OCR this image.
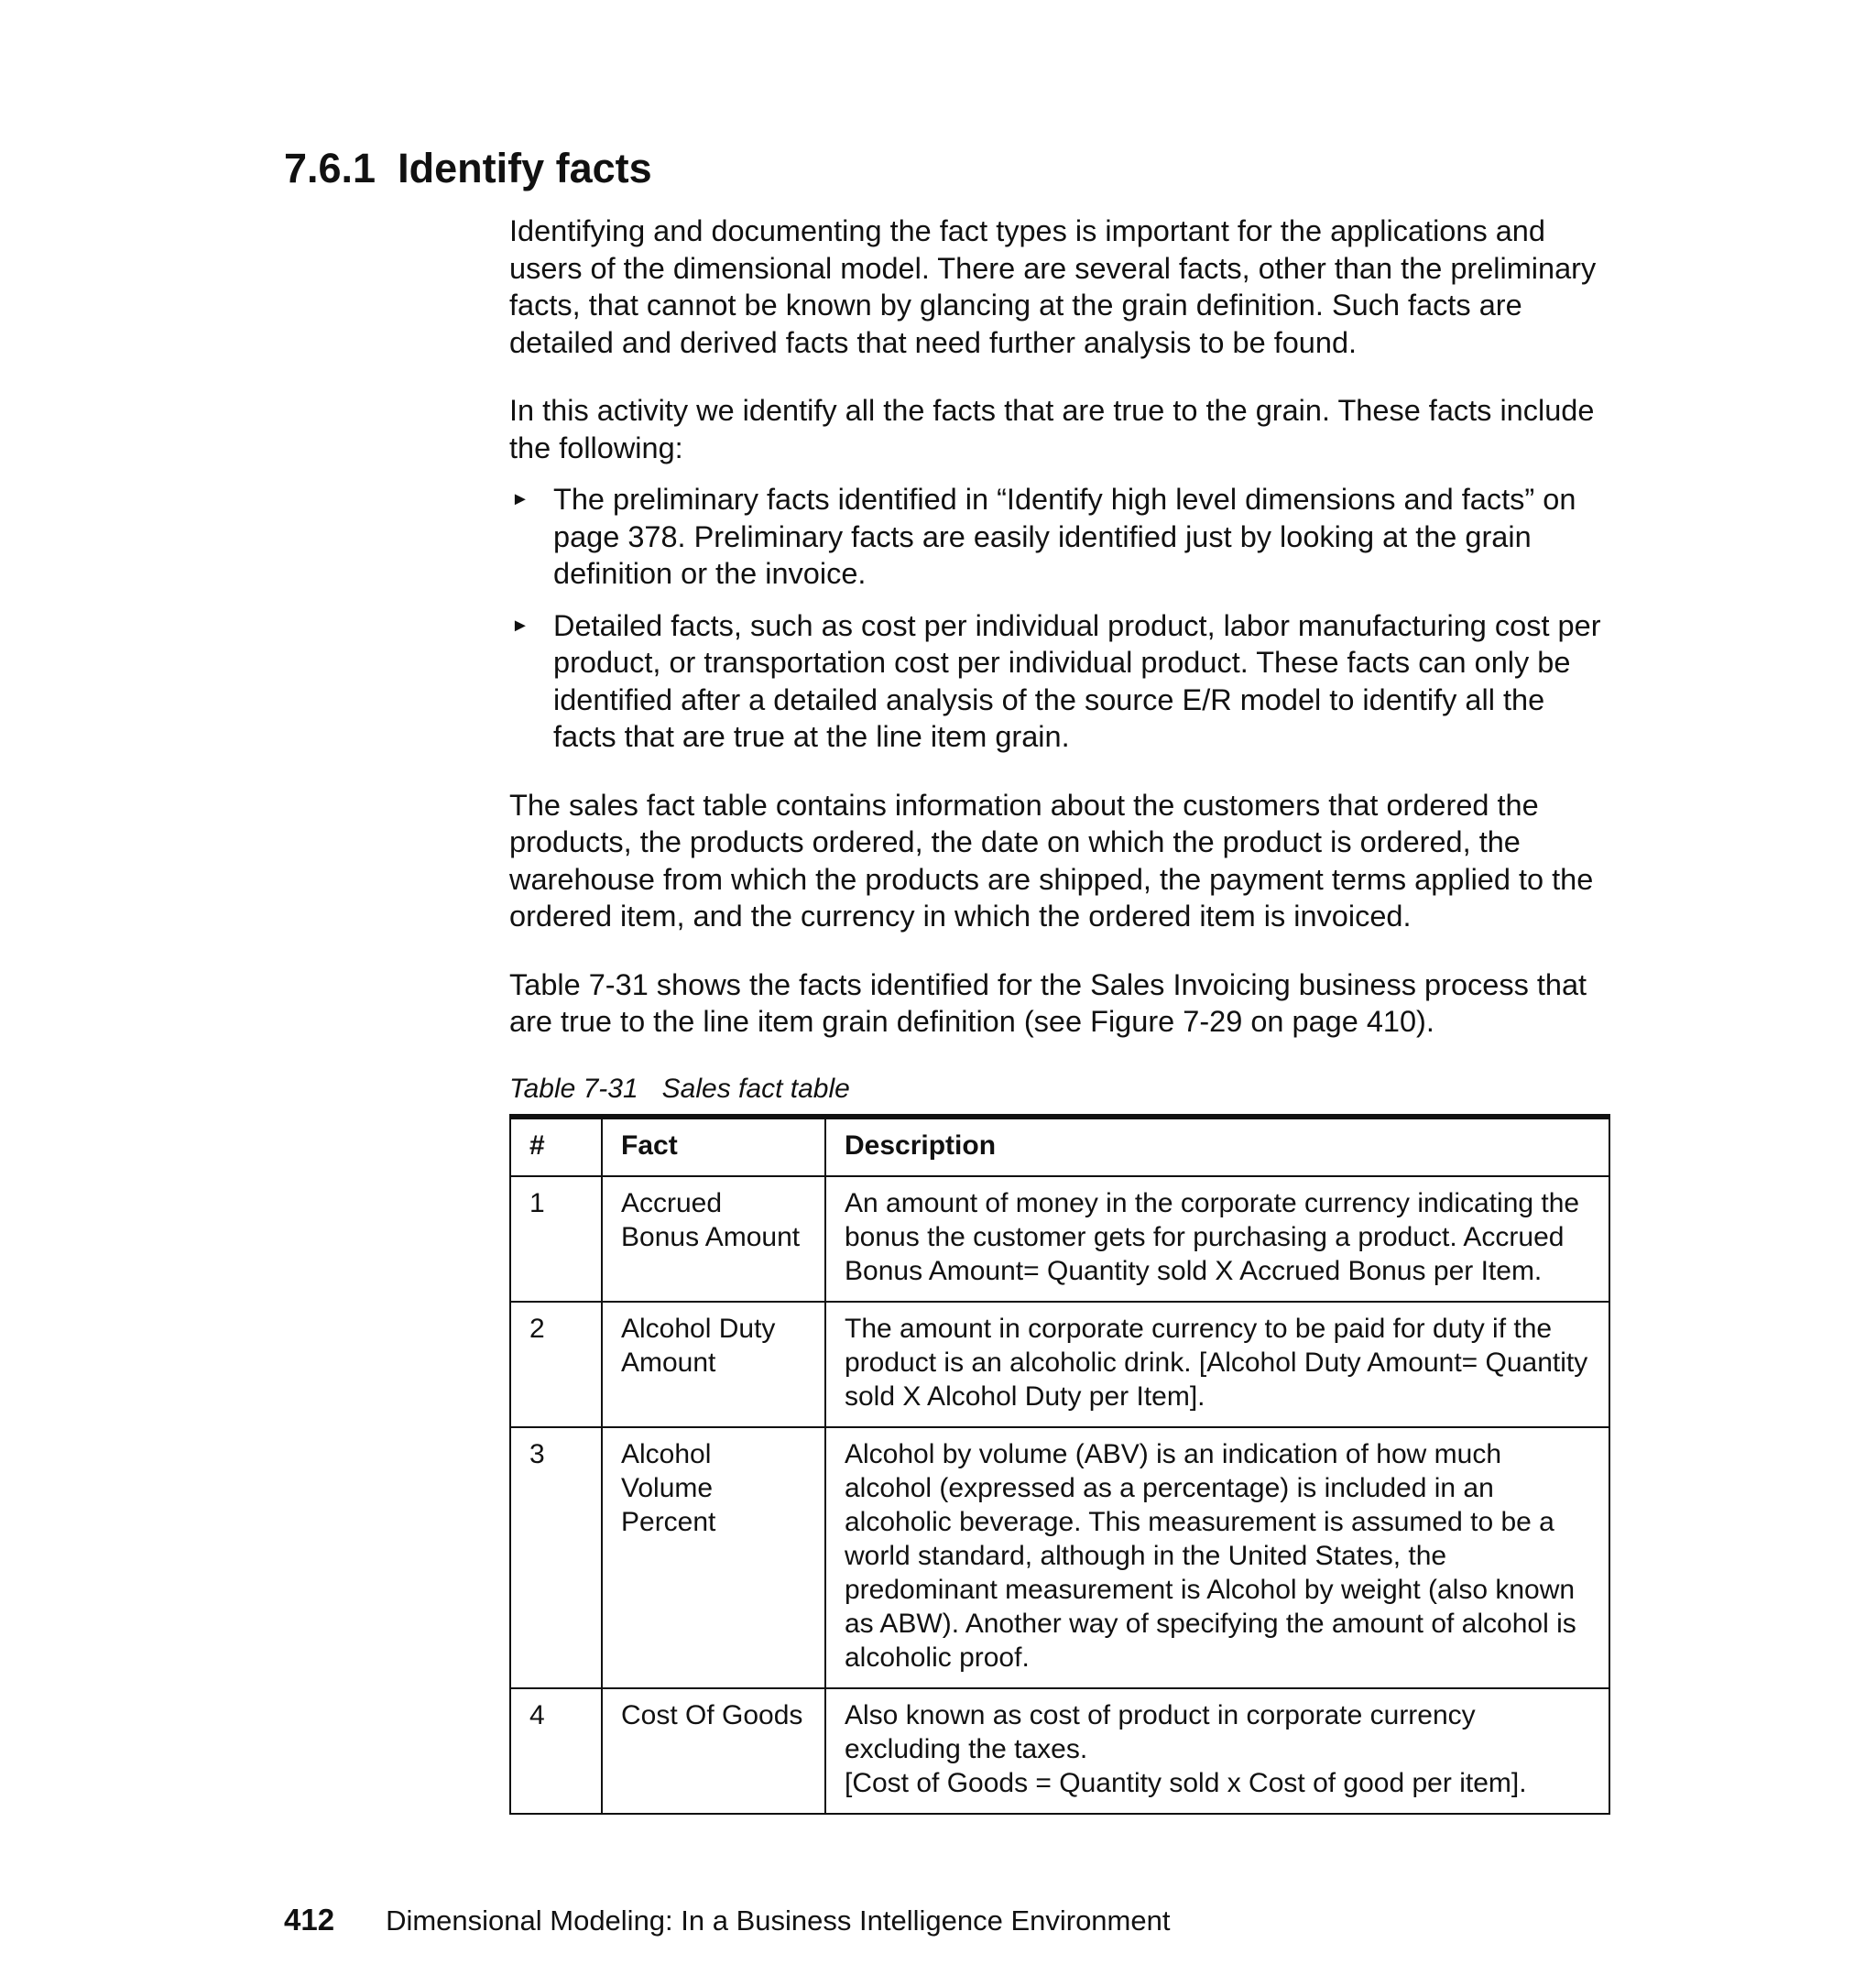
7.6.1 Identify facts

Identifying and documenting the fact types is important for the applications and users of the dimensional model. There are several facts, other than the preliminary facts, that cannot be known by glancing at the grain definition. Such facts are detailed and derived facts that need further analysis to be found.

In this activity we identify all the facts that are true to the grain. These facts include the following:

► The preliminary facts identified in “Identify high level dimensions and facts” on page 378. Preliminary facts are easily identified just by looking at the grain definition or the invoice.
► Detailed facts, such as cost per individual product, labor manufacturing cost per product, or transportation cost per individual product. These facts can only be identified after a detailed analysis of the source E/R model to identify all the facts that are true at the line item grain.

The sales fact table contains information about the customers that ordered the products, the products ordered, the date on which the product is ordered, the warehouse from which the products are shipped, the payment terms applied to the ordered item, and the currency in which the ordered item is invoiced.

Table 7-31 shows the facts identified for the Sales Invoicing business process that are true to the line item grain definition (see Figure 7-29 on page 410).

Table 7-31 Sales fact table
#	Fact	Description
1	Accrued Bonus Amount	An amount of money in the corporate currency indicating the bonus the customer gets for purchasing a product. Accrued Bonus Amount= Quantity sold X Accrued Bonus per Item.
2	Alcohol Duty Amount	The amount in corporate currency to be paid for duty if the product is an alcoholic drink. [Alcohol Duty Amount= Quantity sold X Alcohol Duty per Item].
3	Alcohol Volume Percent	Alcohol by volume (ABV) is an indication of how much alcohol (expressed as a percentage) is included in an alcoholic beverage. This measurement is assumed to be a world standard, although in the United States, the predominant measurement is Alcohol by weight (also known as ABW). Another way of specifying the amount of alcohol is alcoholic proof.
4	Cost Of Goods	Also known as cost of product in corporate currency excluding the taxes.
[Cost of Goods = Quantity sold x Cost of good per item].
412 Dimensional Modeling: In a Business Intelligence Environment
